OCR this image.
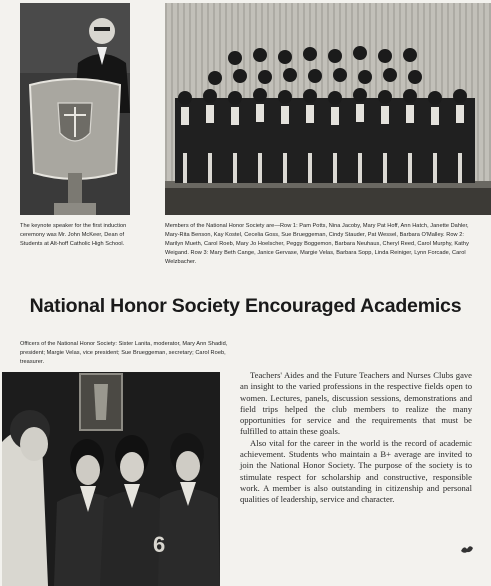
The keynote speaker for the first induction ceremony was Mr. John McKeer, Dean of Students at Alt-hoff Catholic High School.

Members of the National Honor Society are—Row 1: Pam Potts, Nina Jacoby, Mary Pat Hoff, Ann Hatch, Janette Dahler, Mary-Rita Benson, Kay Kostel, Cecelia Goss, Sue Brueggeman, Cindy Stauder, Pat Wessel, Barbara O'Malley. Row 2: Marilyn Mueth, Carol Roeb, Mary Jo Hoelscher, Peggy Boggemon, Barbara Neuhaus, Cheryl Reed, Carol Murphy, Kathy Weigand. Row 3: Mary Beth Cange, Janice Gervase, Margie Velas, Barbara Sopp, Linda Reiniger, Lynn Forcade, Carol Welzbacher.

National Honor Society Encouraged Academics

Officers of the National Honor Society: Sister Lanita, moderator, Mary Ann Shadid, president; Margie Velas, vice president; Sue Brueggeman, secretary; Carol Roeb, treasurer.

6

Teachers' Aides and the Future Teachers and Nurses Clubs gave an insight to the varied professions in the respective fields open to women. Lectures, panels, discussion sessions, demonstrations and field trips helped the club members to realize the many opportunities for service and the requirements that must be fulfilled to attain these goals.

Also vital for the career in the world is the record of academic achievement. Students who maintain a B+ average are invited to join the National Honor Society. The purpose of the society is to stimulate respect for scholarship and constructive, responsible work. A member is also outstanding in citizenship and personal qualities of leadership, service and character.
